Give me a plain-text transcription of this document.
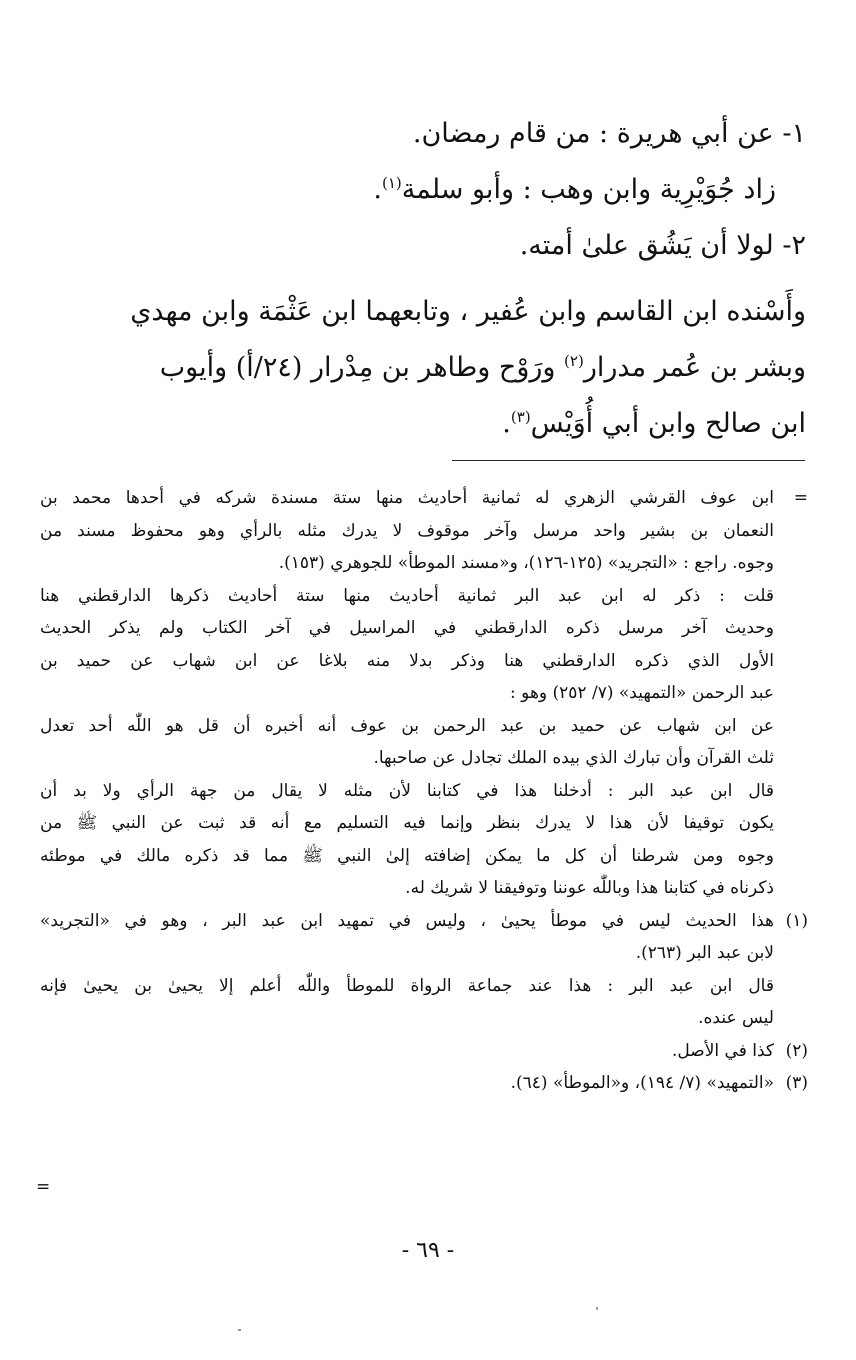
١- عن أبي هريرة : من قام رمضان.
زاد جُوَيْرِية وابن وهب : وأبو سلمة$^{(١)}$.
٢- لولا أن يَشُق علىٰ أمته.
وأَسْنده ابن القاسم وابن عُفير ، وتابعهما ابن عَثْمَة وابن مهدي
وبشر بن عُمر مدرار$^{(٢)}$ ورَوْح وطاهر بن مِدْرار (٢٤/أ) وأيوب
ابن صالح وابن أبي أُوَيْس$^{(٣)}$.
=
ابن عوف القرشي الزهري له ثمانية أحاديث منها ستة مسندة شركه في أحدها محمد بن
النعمان بن بشير واحد مرسل وآخر موقوف لا يدرك مثله بالرأي وهو محفوظ مسند من
وجوه. راجع : «التجريد» (١٢٥-١٢٦)، و«مسند الموطأ» للجوهري (١٥٣).
قلت : ذكر له ابن عبد البر ثمانية أحاديث منها ستة أحاديث ذكرها الدارقطني هنا
وحديث آخر مرسل ذكره الدارقطني في المراسيل في آخر الكتاب ولم يذكر الحديث
الأول الذي ذكره الدارقطني هنا وذكر بدلا منه بلاغا عن ابن شهاب عن حميد بن
عبد الرحمن «التمهيد» (٧/ ٢٥٢) وهو :
عن ابن شهاب عن حميد بن عبد الرحمن بن عوف أنه أخبره أن قل هو اللّٰه أحد تعدل
ثلث القرآن وأن تبارك الذي بيده الملك تجادل عن صاحبها.
قال ابن عبد البر : أدخلنا هذا في كتابنا لأن مثله لا يقال من جهة الرأي ولا بد أن
يكون توقيفا لأن هذا لا يدرك بنظر وإنما فيه التسليم مع أنه قد ثبت عن النبي ﷺ من
وجوه ومن شرطنا أن كل ما يمكن إضافته إلىٰ النبي ﷺ مما قد ذكره مالك في موطئه
ذكرناه في كتابنا هذا وباللّٰه عوننا وتوفيقنا لا شريك له.
(١)
هذا الحديث ليس في موطأ يحيىٰ ، وليس في تمهيد ابن عبد البر ، وهو في «التجريد»
لابن عبد البر (٢٦٣).
قال ابن عبد البر : هذا عند جماعة الرواة للموطأ واللّٰه أعلم إلا يحيىٰ بن يحيىٰ فإنه
ليس عنده.
(٢)
كذا في الأصل.
(٣)
«التمهيد» (٧/ ١٩٤)، و«الموطأ» (٦٤).
=
- ٦٩ -
